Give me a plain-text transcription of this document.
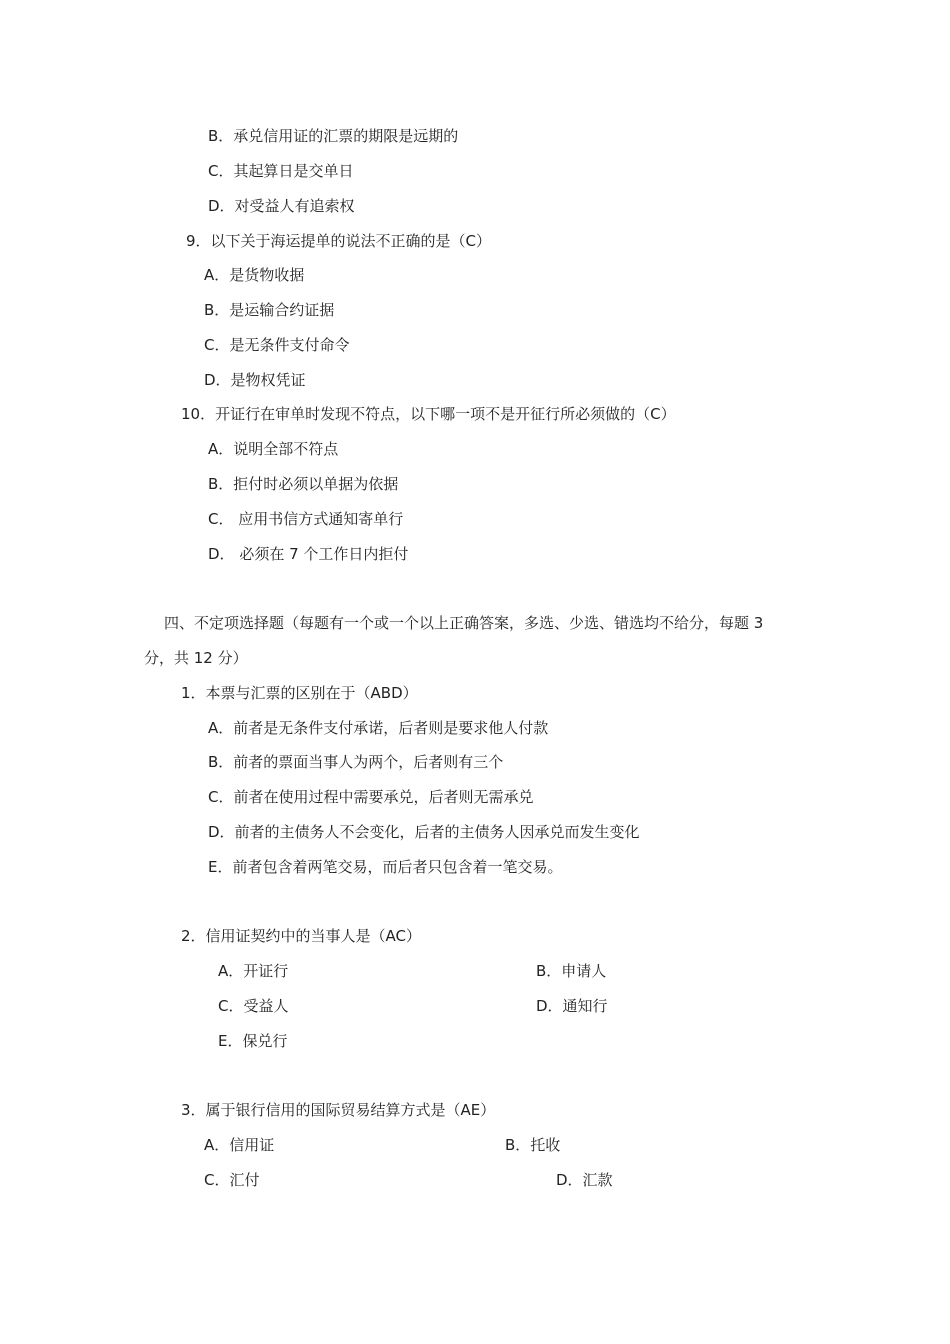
B．承兑信用证的汇票的期限是远期的
C．其起算日是交单日
D．对受益人有追索权
9．以下关于海运提单的说法不正确的是（C）
A．是货物收据
B．是运输合约证据
C．是无条件支付命令
D．是物权凭证
10．开证行在审单时发现不符点，以下哪一项不是开征行所必须做的（C）
A．说明全部不符点
B．拒付时必须以单据为依据
C． 应用书信方式通知寄单行
D． 必须在 7 个工作日内拒付
四、不定项选择题（每题有一个或一个以上正确答案，多选、少选、错选均不给分，每题 3
分，共 12 分）
1．本票与汇票的区别在于（ABD）
A．前者是无条件支付承诺，后者则是要求他人付款
B．前者的票面当事人为两个，后者则有三个
C．前者在使用过程中需要承兑，后者则无需承兑
D．前者的主债务人不会变化，后者的主债务人因承兑而发生变化
E．前者包含着两笔交易，而后者只包含着一笔交易。
2．信用证契约中的当事人是（AC）
A．开证行	B．申请人
C．受益人	D．通知行
E．保兑行
3．属于银行信用的国际贸易结算方式是（AE）
A．信用证	B．托收
C．汇付	D．汇款
